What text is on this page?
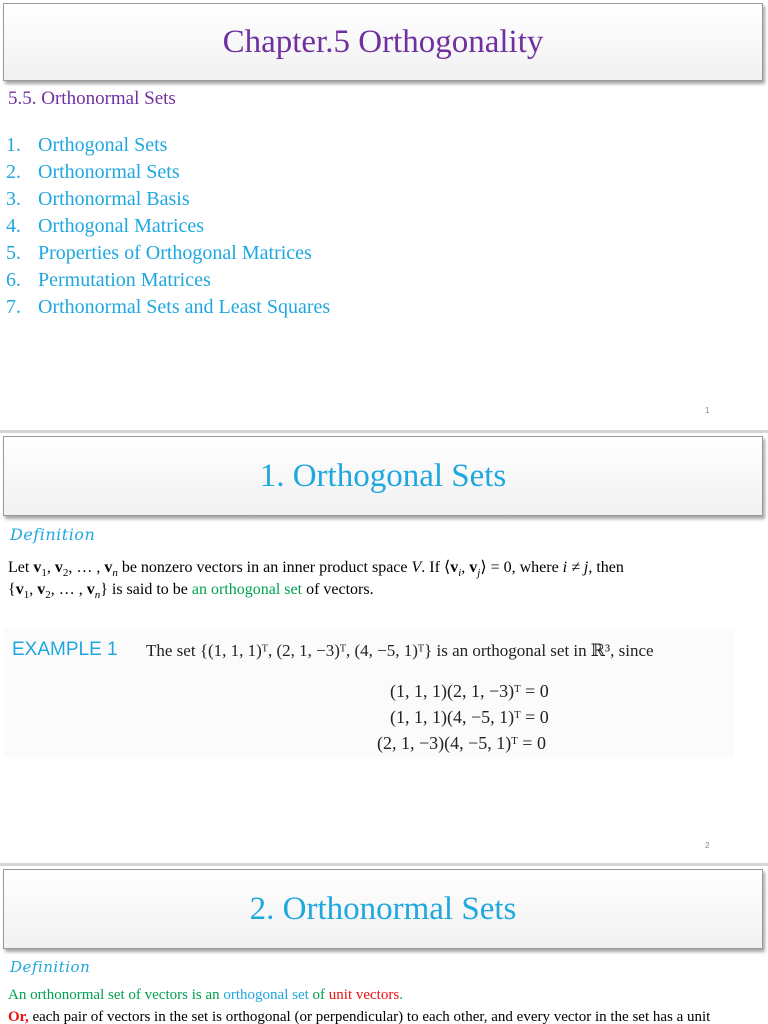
Chapter.5 Orthogonality
5.5. Orthonormal Sets
1. Orthogonal Sets
2. Orthonormal Sets
3. Orthonormal Basis
4. Orthogonal Matrices
5. Properties of Orthogonal Matrices
6. Permutation Matrices
7. Orthonormal Sets and Least Squares
1
1. Orthogonal Sets
Definition
Let $v_1$, $v_2$, … , $v_n$ be nonzero vectors in an inner product space V. If $⟨v_i$, $v_j⟩ = 0$, where i ≠ j, then
{$v_1$, $v_2$, … , $v_n$} is said to be an orthogonal set of vectors.
EXAMPLE 1 The set {(1, 1, 1)ᵀ, (2, 1, −3)ᵀ, (4, −5, 1)ᵀ} is an orthogonal set in ℝ³, since
(1, 1, 1)(2, 1, −3)ᵀ = 0
(1, 1, 1)(4, −5, 1)ᵀ = 0
(2, 1, −3)(4, −5, 1)ᵀ = 0
2
2. Orthonormal Sets
Definition
An orthonormal set of vectors is an orthogonal set of unit vectors.
Or, each pair of vectors in the set is orthogonal (or perpendicular) to each other, and every vector in the set has a unit
